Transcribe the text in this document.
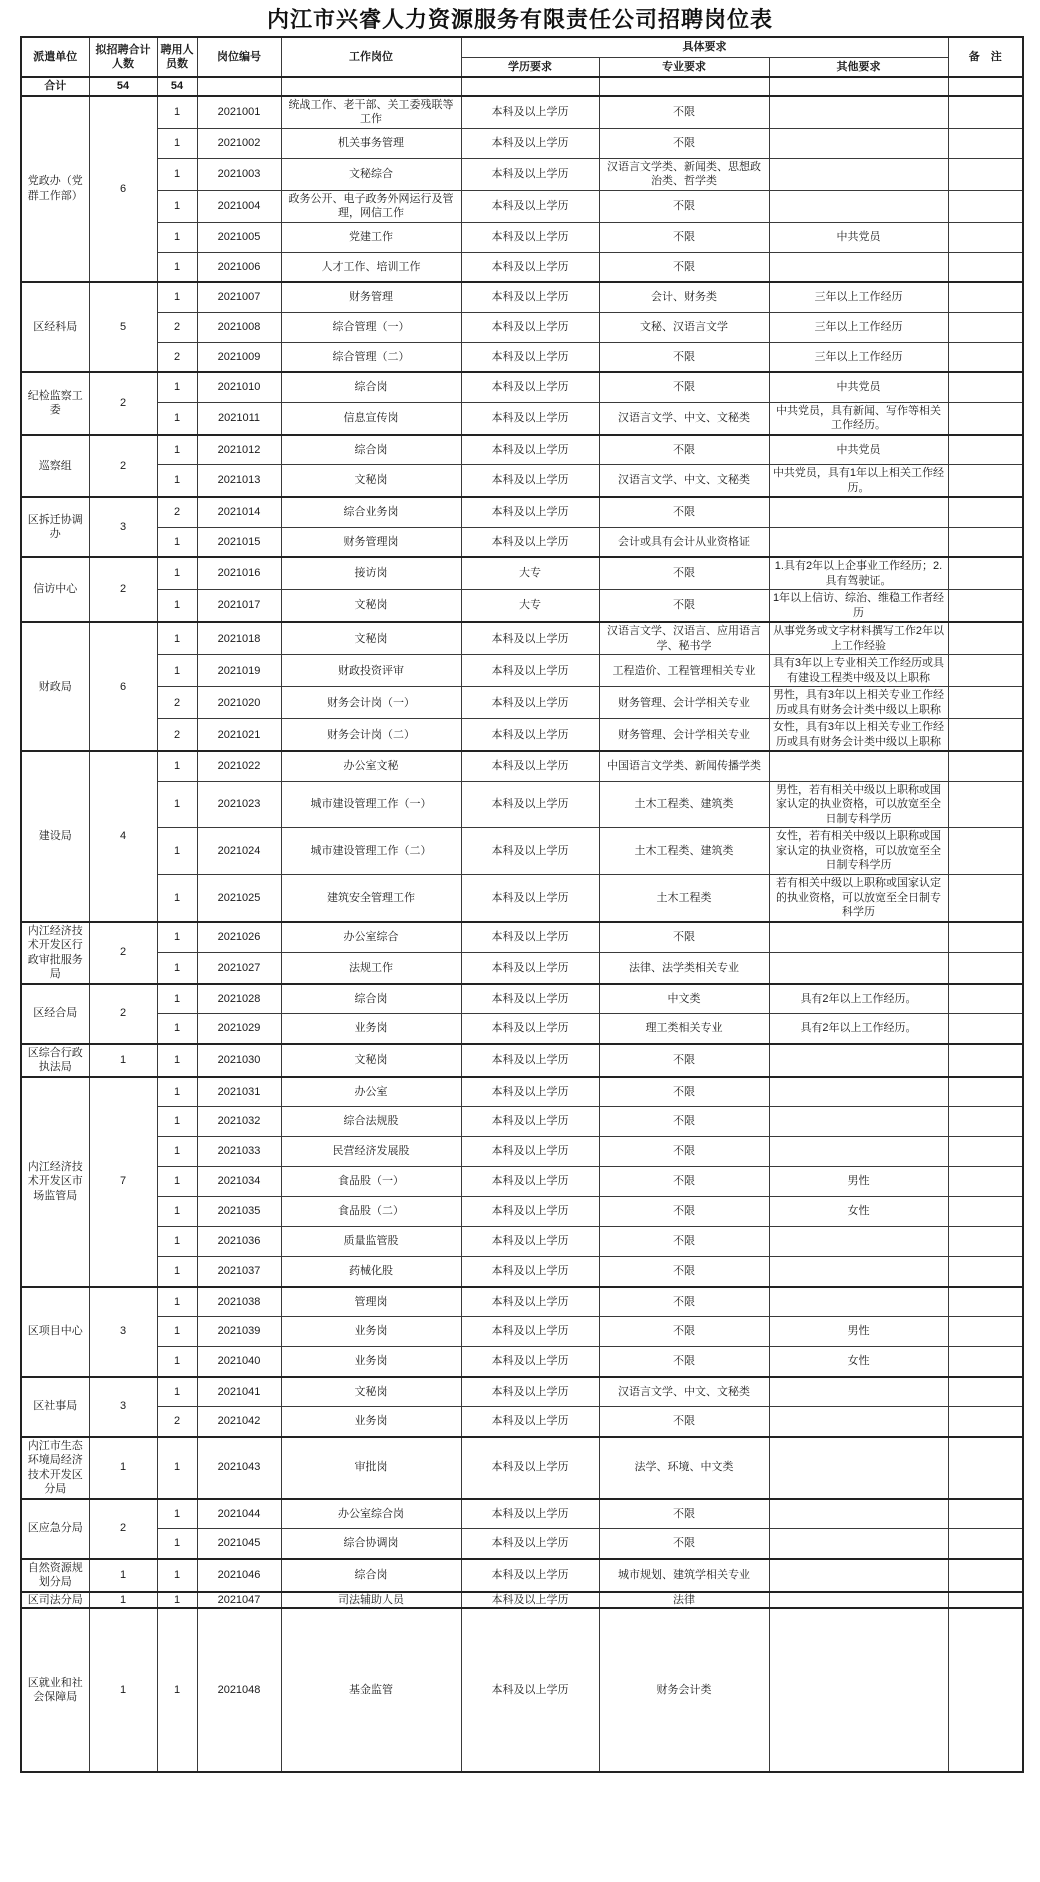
内江市兴睿人力资源服务有限责任公司招聘岗位表
派遣单位	拟招聘合计人数	聘用人员数	岗位编号	工作岗位	具体要求			备　注
					学历要求	专业要求	其他要求	
合计	54	54						
党政办（党群工作部）	6	1	2021001	统战工作、老干部、关工委残联等工作	本科及以上学历	不限		
		1	2021002	机关事务管理	本科及以上学历	不限		
		1	2021003	文秘综合	本科及以上学历	汉语言文学类、新闻类、思想政治类、哲学类		
		1	2021004	政务公开、电子政务外网运行及管理，网信工作	本科及以上学历	不限		
		1	2021005	党建工作	本科及以上学历	不限	中共党员	
		1	2021006	人才工作、培训工作	本科及以上学历	不限		
区经科局	5	1	2021007	财务管理	本科及以上学历	会计、财务类	三年以上工作经历	
		2	2021008	综合管理（一）	本科及以上学历	文秘、汉语言文学	三年以上工作经历	
		2	2021009	综合管理（二）	本科及以上学历	不限	三年以上工作经历	
纪检监察工委	2	1	2021010	综合岗	本科及以上学历	不限	中共党员	
		1	2021011	信息宣传岗	本科及以上学历	汉语言文学、中文、文秘类	中共党员，具有新闻、写作等相关工作经历。	
巡察组	2	1	2021012	综合岗	本科及以上学历	不限	中共党员	
		1	2021013	文秘岗	本科及以上学历	汉语言文学、中文、文秘类	中共党员，具有1年以上相关工作经历。	
区拆迁协调办	3	2	2021014	综合业务岗	本科及以上学历	不限		
		1	2021015	财务管理岗	本科及以上学历	会计或具有会计从业资格证		
信访中心	2	1	2021016	接访岗	大专	不限	1.具有2年以上企事业工作经历；2.具有驾驶证。	
		1	2021017	文秘岗	大专	不限	1年以上信访、综治、维稳工作者经历	
财政局	6	1	2021018	文秘岗	本科及以上学历	汉语言文学、汉语言、应用语言学、秘书学	从事党务或文字材料撰写工作2年以上工作经验	
		1	2021019	财政投资评审	本科及以上学历	工程造价、工程管理相关专业	具有3年以上专业相关工作经历或具有建设工程类中级及以上职称	
		2	2021020	财务会计岗（一）	本科及以上学历	财务管理、会计学相关专业	男性，具有3年以上相关专业工作经历或具有财务会计类中级以上职称	
		2	2021021	财务会计岗（二）	本科及以上学历	财务管理、会计学相关专业	女性，具有3年以上相关专业工作经历或具有财务会计类中级以上职称	
建设局	4	1	2021022	办公室文秘	本科及以上学历	中国语言文学类、新闻传播学类		
		1	2021023	城市建设管理工作（一）	本科及以上学历	土木工程类、建筑类	男性，若有相关中级以上职称或国家认定的执业资格，可以放宽至全日制专科学历	
		1	2021024	城市建设管理工作（二）	本科及以上学历	土木工程类、建筑类	女性，若有相关中级以上职称或国家认定的执业资格，可以放宽至全日制专科学历	
		1	2021025	建筑安全管理工作	本科及以上学历	土木工程类	若有相关中级以上职称或国家认定的执业资格，可以放宽至全日制专科学历	
内江经济技术开发区行政审批服务局	2	1	2021026	办公室综合	本科及以上学历	不限		
		1	2021027	法规工作	本科及以上学历	法律、法学类相关专业		
区经合局	2	1	2021028	综合岗	本科及以上学历	中文类	具有2年以上工作经历。	
		1	2021029	业务岗	本科及以上学历	理工类相关专业	具有2年以上工作经历。	
区综合行政执法局	1	1	2021030	文秘岗	本科及以上学历	不限		
内江经济技术开发区市场监管局	7	1	2021031	办公室	本科及以上学历	不限		
		1	2021032	综合法规股	本科及以上学历	不限		
		1	2021033	民营经济发展股	本科及以上学历	不限		
		1	2021034	食品股（一）	本科及以上学历	不限	男性	
		1	2021035	食品股（二）	本科及以上学历	不限	女性	
		1	2021036	质量监管股	本科及以上学历	不限		
		1	2021037	药械化股	本科及以上学历	不限		
区项目中心	3	1	2021038	管理岗	本科及以上学历	不限		
		1	2021039	业务岗	本科及以上学历	不限	男性	
		1	2021040	业务岗	本科及以上学历	不限	女性	
区社事局	3	1	2021041	文秘岗	本科及以上学历	汉语言文学、中文、文秘类		
		2	2021042	业务岗	本科及以上学历	不限		
内江市生态环境局经济技术开发区分局	1	1	2021043	审批岗	本科及以上学历	法学、环境、中文类		
区应急分局	2	1	2021044	办公室综合岗	本科及以上学历	不限		
		1	2021045	综合协调岗	本科及以上学历	不限		
自然资源规划分局	1	1	2021046	综合岗	本科及以上学历	城市规划、建筑学相关专业		
区司法分局	1	1	2021047	司法辅助人员	本科及以上学历	法律		
区就业和社会保障局	1	1	2021048	基金监管	本科及以上学历	财务会计类		
